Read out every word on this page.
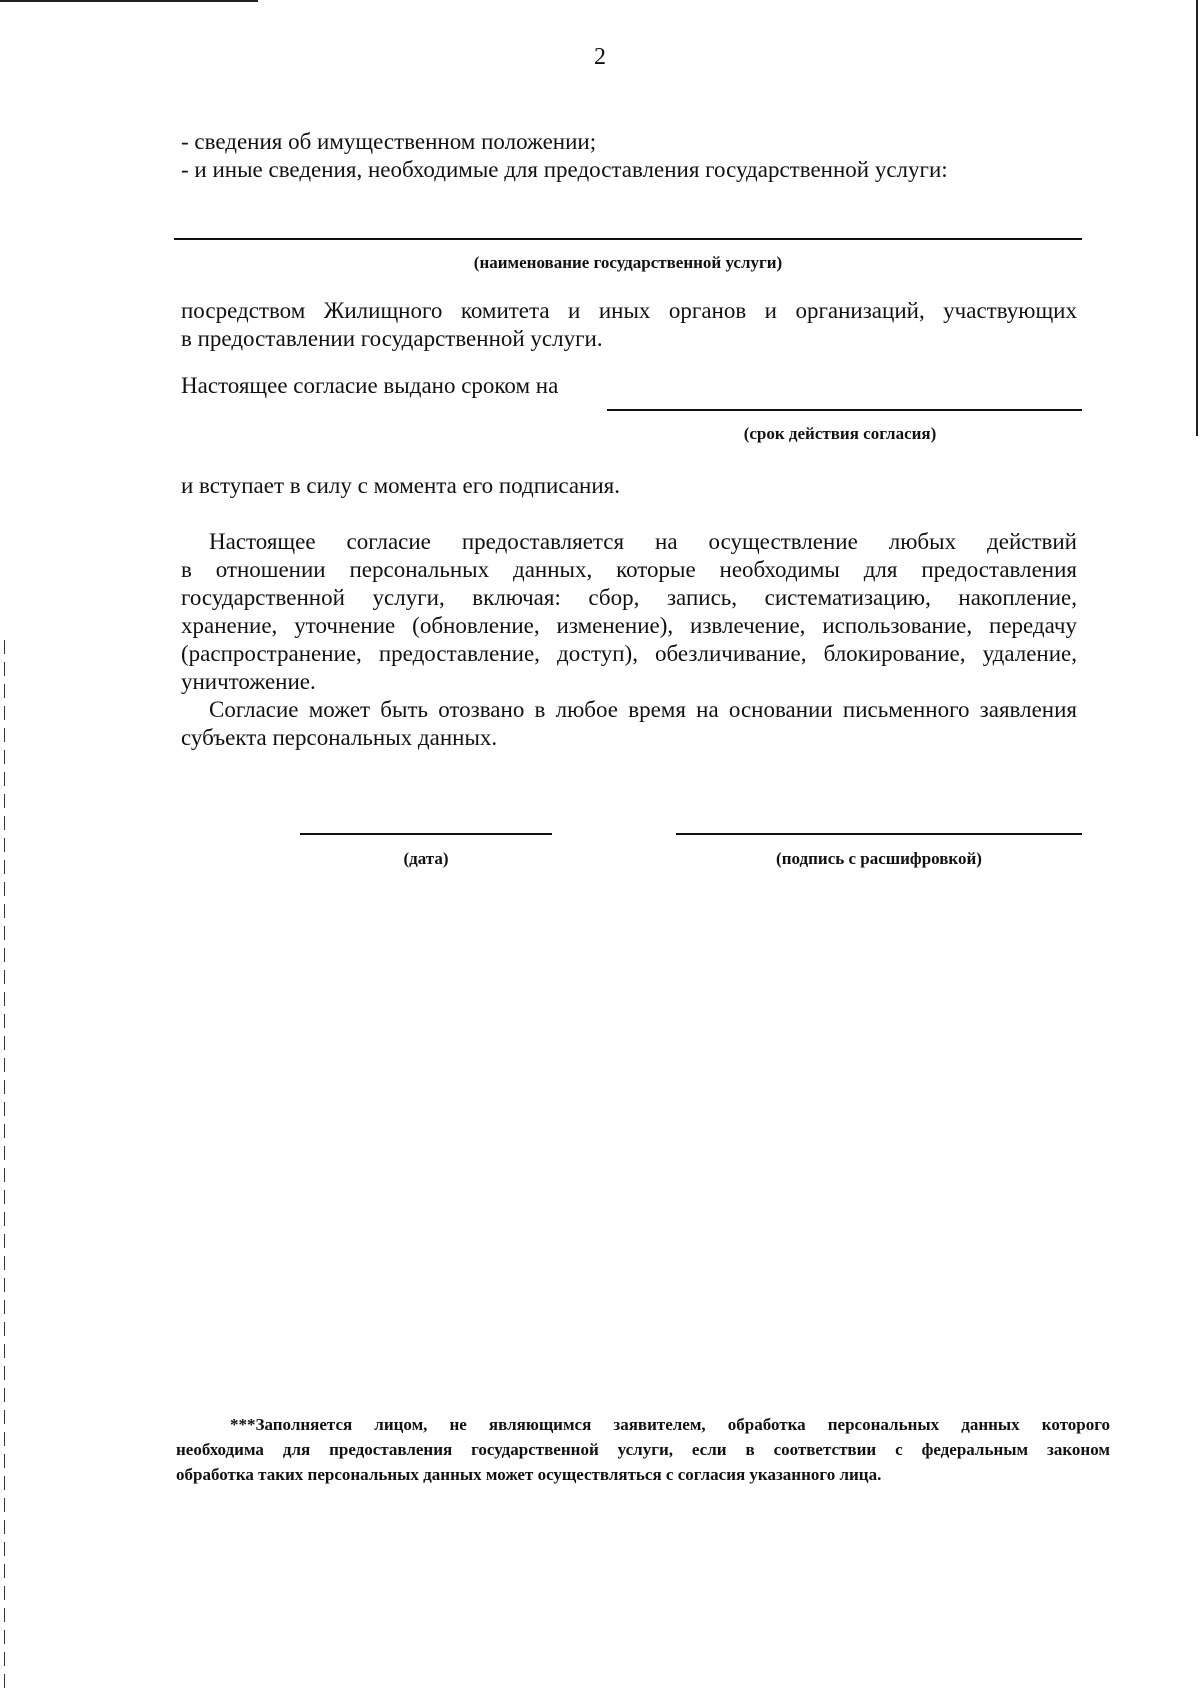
2
- сведения об имущественном положении;
- и иные сведения, необходимые для предоставления государственной услуги:
(наименование государственной услуги)
посредством Жилищного комитета и иных органов и организаций, участвующих
в предоставлении государственной услуги.
Настоящее согласие выдано сроком на
(срок действия согласия)
и вступает в силу с момента его подписания.
Настоящее согласие предоставляется на осуществление любых действий
в отношении персональных данных, которые необходимы для предоставления
государственной услуги, включая: сбор, запись, систематизацию, накопление,
хранение, уточнение (обновление, изменение), извлечение, использование, передачу
(распространение, предоставление, доступ), обезличивание, блокирование, удаление,
уничтожение.
Согласие может быть отозвано в любое время на основании письменного заявления
субъекта персональных данных.
(дата)	(подпись с расшифровкой)
***Заполняется лицом, не являющимся заявителем, обработка персональных данных которого
необходима для предоставления государственной услуги, если в соответствии с федеральным законом
обработка таких персональных данных может осуществляться с согласия указанного лица.
